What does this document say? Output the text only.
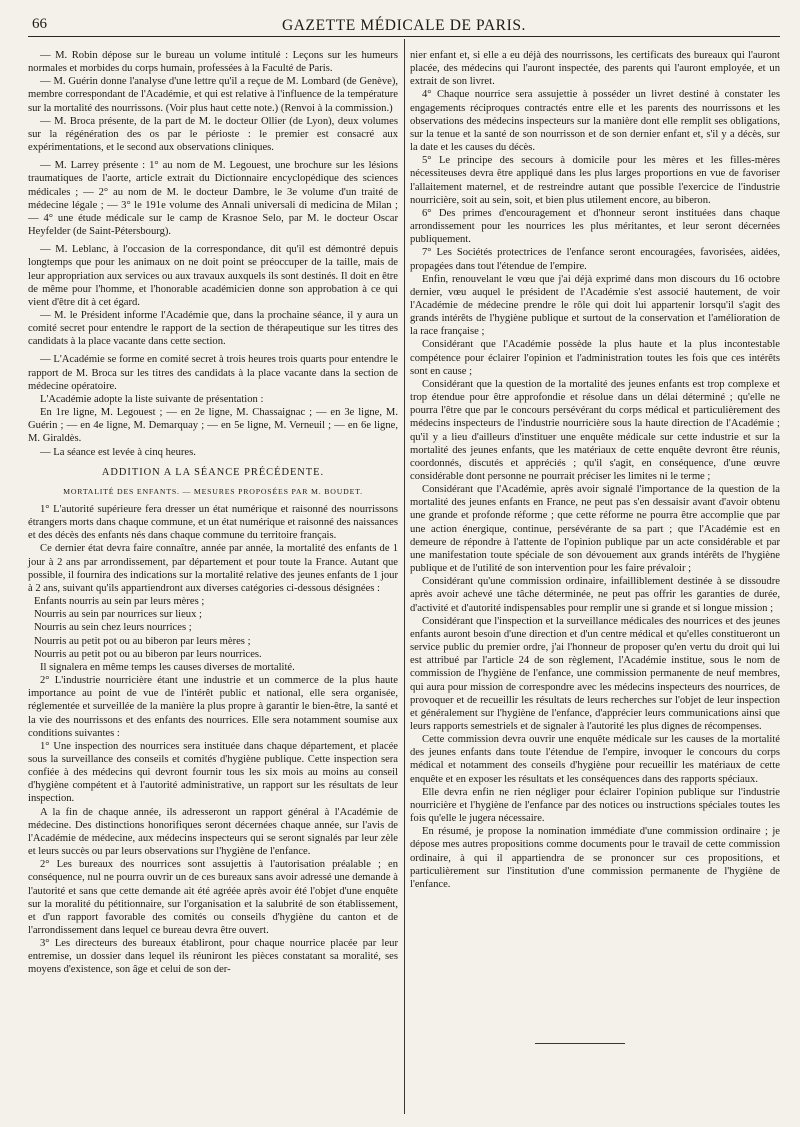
66	GAZETTE MÉDICALE DE PARIS.

— M. Robin dépose sur le bureau un volume intitulé : Leçons sur les humeurs normales et morbides du corps humain, professées à la Faculté de Paris.

— M. Guérin donne l'analyse d'une lettre qu'il a reçue de M. Lombard (de Genève), membre correspondant de l'Académie, et qui est relative à l'influence de la température sur la mortalité des nourrissons. (Voir plus haut cette note.) (Renvoi à la commission.)

— M. Broca présente, de la part de M. le docteur Ollier (de Lyon), deux volumes sur la régénération des os par le périoste : le premier est consacré aux expérimentations, et le second aux observations cliniques.

— M. Larrey présente : 1° au nom de M. Legouest, une brochure sur les lésions traumatiques de l'aorte, article extrait du Dictionnaire encyclopédique des sciences médicales ; — 2° au nom de M. le docteur Dambre, le 3e volume d'un traité de médecine légale ; — 3° le 191e volume des Annali universali di medicina de Milan ; — 4° une étude médicale sur le camp de Krasnoe Selo, par M. le docteur Oscar Heyfelder (de Saint-Pétersbourg).

— M. Leblanc, à l'occasion de la correspondance, dit qu'il est démontré depuis longtemps que pour les animaux on ne doit point se préoccuper de la taille, mais de leur appropriation aux services ou aux travaux auxquels ils sont destinés. Il doit en être de même pour l'homme, et l'honorable académicien donne son approbation à ce qui vient d'être dit à cet égard.

— M. le Président informe l'Académie que, dans la prochaine séance, il y aura un comité secret pour entendre le rapport de la section de thérapeutique sur les titres des candidats à la place vacante dans cette section.

— L'Académie se forme en comité secret à trois heures trois quarts pour entendre le rapport de M. Broca sur les titres des candidats à la place vacante dans la section de médecine opératoire.

L'Académie adopte la liste suivante de présentation :

En 1re ligne, M. Legouest ; — en 2e ligne, M. Chassaignac ; — en 3e ligne, M. Guérin ; — en 4e ligne, M. Demarquay ; — en 5e ligne, M. Verneuil ; — en 6e ligne, M. Giraldès.

— La séance est levée à cinq heures.

ADDITION A LA SÉANCE PRÉCÉDENTE.
MORTALITÉ DES ENFANTS. — MESURES PROPOSÉES PAR M. BOUDET.

1° L'autorité supérieure fera dresser un état numérique et raisonné des nourrissons étrangers morts dans chaque commune, et un état numérique et raisonné des naissances et des décès des enfants nés dans chaque commune du territoire français.

Ce dernier état devra faire connaître, année par année, la mortalité des enfants de 1 jour à 2 ans par arrondissement, par département et pour toute la France. Autant que possible, il fournira des indications sur la mortalité relative des jeunes enfants de 1 jour à 2 ans, suivant qu'ils appartiendront aux diverses catégories ci-dessous désignées :

Enfants nourris au sein par leurs mères ;
Nourris au sein par nourrices sur lieux ;
Nourris au sein chez leurs nourrices ;
Nourris au petit pot ou au biberon par leurs mères ;
Nourris au petit pot ou au biberon par leurs nourrices.

Il signalera en même temps les causes diverses de mortalité.

2° L'industrie nourricière étant une industrie et un commerce de la plus haute importance au point de vue de l'intérêt public et national, elle sera organisée, réglementée et surveillée de la manière la plus propre à garantir le bien-être, la santé et la vie des nourrissons et des enfants des nourrices. Elle sera notamment soumise aux conditions suivantes :

1° Une inspection des nourrices sera instituée dans chaque département, et placée sous la surveillance des conseils et comités d'hygiène publique. Cette inspection sera confiée à des médecins qui devront fournir tous les six mois au moins au conseil d'hygiène compétent et à l'autorité administrative, un rapport sur les résultats de leur inspection.

A la fin de chaque année, ils adresseront un rapport général à l'Académie de médecine. Des distinctions honorifiques seront décernées chaque année, sur l'avis de l'Académie de médecine, aux médecins inspecteurs qui se seront signalés par leur zèle et leurs succès ou par leurs observations sur l'hygiène de l'enfance.

2° Les bureaux des nourrices sont assujettis à l'autorisation préalable ; en conséquence, nul ne pourra ouvrir un de ces bureaux sans avoir adressé une demande à l'autorité et sans que cette demande ait été agréée après avoir été l'objet d'une enquête sur la moralité du pétitionnaire, sur l'organisation et la salubrité de son établissement, et d'un rapport favorable des comités ou conseils d'hygiène du canton et de l'arrondissement dans lequel ce bureau devra être ouvert.

3° Les directeurs des bureaux établiront, pour chaque nourrice placée par leur entremise, un dossier dans lequel ils réuniront les pièces constatant sa moralité, ses moyens d'existence, son âge et celui de son der-

nier enfant et, si elle a eu déjà des nourrissons, les certificats des bureaux qui l'auront placée, des médecins qui l'auront inspectée, des parents qui l'auront employée, et un extrait de son livret.

4° Chaque nourrice sera assujettie à posséder un livret destiné à constater les engagements réciproques contractés entre elle et les parents des nourrissons et les observations des médecins inspecteurs sur la manière dont elle remplit ses obligations, sur la tenue et la santé de son nourrisson et de son dernier enfant et, s'il y a décès, sur la date et les causes du décès.

5° Le principe des secours à domicile pour les mères et les filles-mères nécessiteuses devra être appliqué dans les plus larges proportions en vue de favoriser l'allaitement maternel, et de restreindre autant que possible l'exercice de l'industrie nourricière, soit au sein, soit, et bien plus utilement encore, au biberon.

6° Des primes d'encouragement et d'honneur seront instituées dans chaque arrondissement pour les nourrices les plus méritantes, et leur seront décernées publiquement.

7° Les Sociétés protectrices de l'enfance seront encouragées, favorisées, aidées, propagées dans tout l'étendue de l'empire.

Enfin, renouvelant le vœu que j'ai déjà exprimé dans mon discours du 16 octobre dernier, vœu auquel le président de l'Académie s'est associé hautement, de voir l'Académie de médecine prendre le rôle qui doit lui appartenir lorsqu'il s'agit des grands intérêts de l'hygiène publique et surtout de la conservation et l'amélioration de la race française ;

Considérant que l'Académie possède la plus haute et la plus incontestable compétence pour éclairer l'opinion et l'administration toutes les fois que ces intérêts sont en cause ;

Considérant que la question de la mortalité des jeunes enfants est trop complexe et trop étendue pour être approfondie et résolue dans un délai déterminé ; qu'elle ne pourra l'être que par le concours persévérant du corps médical et particulièrement des médecins inspecteurs de l'industrie nourricière sous la haute direction de l'Académie ; qu'il y a lieu d'ailleurs d'instituer une enquête médicale sur cette industrie et sur la mortalité des jeunes enfants, que les matériaux de cette enquête devront être réunis, coordonnés, discutés et appréciés ; qu'il s'agit, en conséquence, d'une œuvre considérable dont personne ne pourrait préciser les limites ni le terme ;

Considérant que l'Académie, après avoir signalé l'importance de la question de la mortalité des jeunes enfants en France, ne peut pas s'en dessaisir avant d'avoir obtenu une grande et profonde réforme ; que cette réforme ne pourra être accomplie que par une action énergique, continue, persévérante de sa part ; que l'Académie est en demeure de répondre à l'attente de l'opinion publique par un acte considérable et par une manifestation toute spéciale de son dévouement aux grands intérêts de l'hygiène publique et de l'utilité de son intervention pour les faire prévaloir ;

Considérant qu'une commission ordinaire, infailliblement destinée à se dissoudre après avoir achevé une tâche déterminée, ne peut pas offrir les garanties de durée, d'activité et d'autorité indispensables pour remplir une si grande et si longue mission ;

Considérant que l'inspection et la surveillance médicales des nourrices et des jeunes enfants auront besoin d'une direction et d'un centre médical et qu'elles constitueront un service public du premier ordre, j'ai l'honneur de proposer qu'en vertu du droit qui lui est attribué par l'article 24 de son règlement, l'Académie institue, sous le nom de commission de l'hygiène de l'enfance, une commission permanente de neuf membres, qui aura pour mission de correspondre avec les médecins inspecteurs des nourrices, de provoquer et de recueillir les résultats de leurs recherches sur l'objet de leur inspection et généralement sur l'hygiène de l'enfance, d'apprécier leurs communications ainsi que leurs rapports semestriels et de signaler à l'autorité les plus dignes de récompenses.

Cette commission devra ouvrir une enquête médicale sur les causes de la mortalité des jeunes enfants dans toute l'étendue de l'empire, invoquer le concours du corps médical et notamment des conseils d'hygiène pour recueillir les matériaux de cette enquête et en exposer les résultats et les conséquences dans des rapports spéciaux.

Elle devra enfin ne rien négliger pour éclairer l'opinion publique sur l'industrie nourricière et l'hygiène de l'enfance par des notices ou instructions spéciales toutes les fois qu'elle le jugera nécessaire.

En résumé, je propose la nomination immédiate d'une commission ordinaire ; je dépose mes autres propositions comme documents pour le travail de cette commission ordinaire, à qui il appartiendra de se prononcer sur ces propositions, et particulièrement sur l'institution d'une commission permanente de l'hygiène de l'enfance.
